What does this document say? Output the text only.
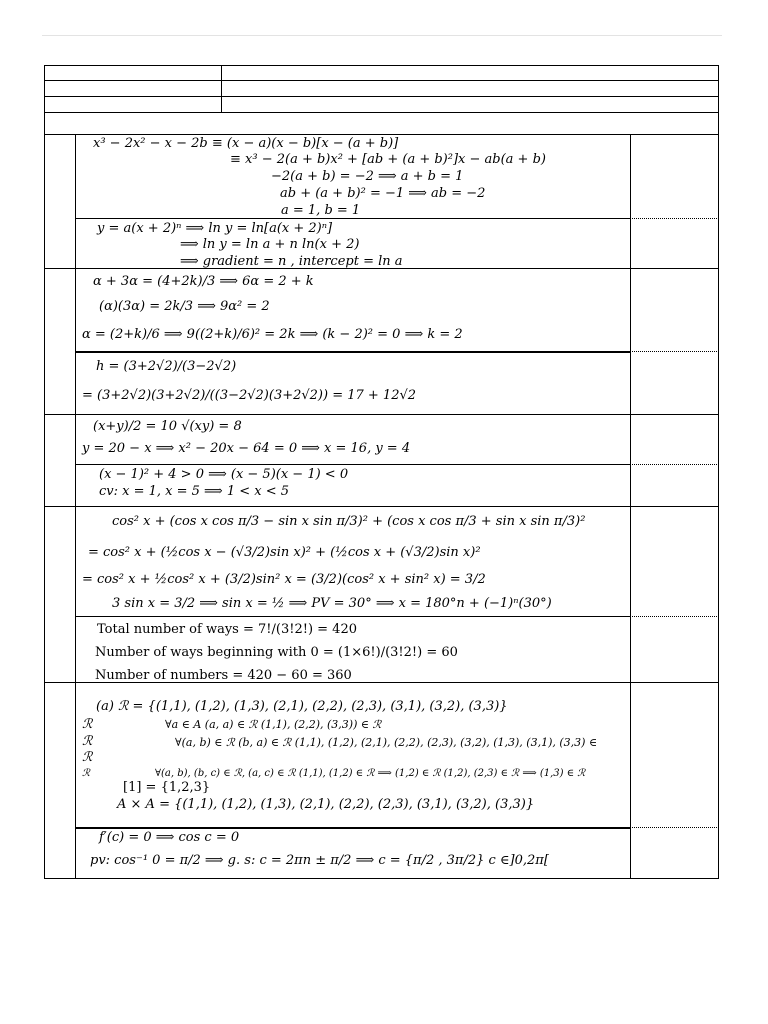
x³ − 2x² − x − 2b ≡ (x − a)(x − b)[x − (a + b)]
≡ x³ − 2(a + b)x² + [ab + (a + b)²]x − ab(a + b)
−2(a + b) = −2 ⟹ a + b = 1
ab + (a + b)² = −1 ⟹ ab = −2
a = 1, b = 1
y = a(x + 2)ⁿ ⟹ ln y = ln[a(x + 2)ⁿ]
⟹ ln y = ln a + n ln(x + 2)
⟹ gradient = n , intercept = ln a
α + 3α = (4+2k)/3 ⟹ 6α = 2 + k
(α)(3α) = 2k/3 ⟹ 9α² = 2
α = (2+k)/6 ⟹ 9((2+k)/6)² = 2k ⟹ (k − 2)² = 0 ⟹ k = 2
h = (3+2√2)/(3−2√2)
= (3+2√2)(3+2√2)/((3−2√2)(3+2√2)) = 17 + 12√2
(x+y)/2 = 10 √(xy) = 8
y = 20 − x ⟹ x² − 20x − 64 = 0 ⟹ x = 16, y = 4
(x − 1)² + 4 > 0 ⟹ (x − 5)(x − 1) < 0
cv: x = 1, x = 5 ⟹ 1 < x < 5
cos² x + (cos x cos π/3 − sin x sin π/3)² + (cos x cos π/3 + sin x sin π/3)²
= cos² x + (½cos x − (√3/2)sin x)² + (½cos x + (√3/2)sin x)²
= cos² x + ½cos² x + (3/2)sin² x = (3/2)(cos² x + sin² x) = 3/2
3 sin x = 3/2 ⟹ sin x = ½ ⟹ PV = 30° ⟹ x = 180°n + (−1)ⁿ(30°)
Total number of ways = 7!/(3!2!) = 420
Number of ways beginning with 0 = (1×6!)/(3!2!) = 60
Number of numbers = 420 − 60 = 360
(a) ℛ = {(1,1), (1,2), (1,3), (2,1), (2,2), (2,3), (3,1), (3,2), (3,3)}
ℛ	∀a ∈ A (a, a) ∈ ℛ (1,1), (2,2), (3,3)) ∈ ℛ
ℛ	∀(a, b) ∈ ℛ (b, a) ∈ ℛ (1,1), (1,2), (2,1), (2,2), (2,3), (3,2), (1,3), (3,1), (3,3) ∈
ℛ
ℛ	∀(a, b), (b, c) ∈ ℛ, (a, c) ∈ ℛ (1,1), (1,2) ∈ ℛ ⟹ (1,2) ∈ ℛ (1,2), (2,3) ∈ ℛ ⟹ (1,3) ∈ ℛ
[1] = {1,2,3}
A × A = {(1,1), (1,2), (1,3), (2,1), (2,2), (2,3), (3,1), (3,2), (3,3)}
f′(c) = 0 ⟹ cos c = 0
pv: cos⁻¹ 0 = π/2 ⟹ g. s: c = 2πn ± π/2 ⟹ c = {π/2 , 3π/2} c ∈]0,2π[
